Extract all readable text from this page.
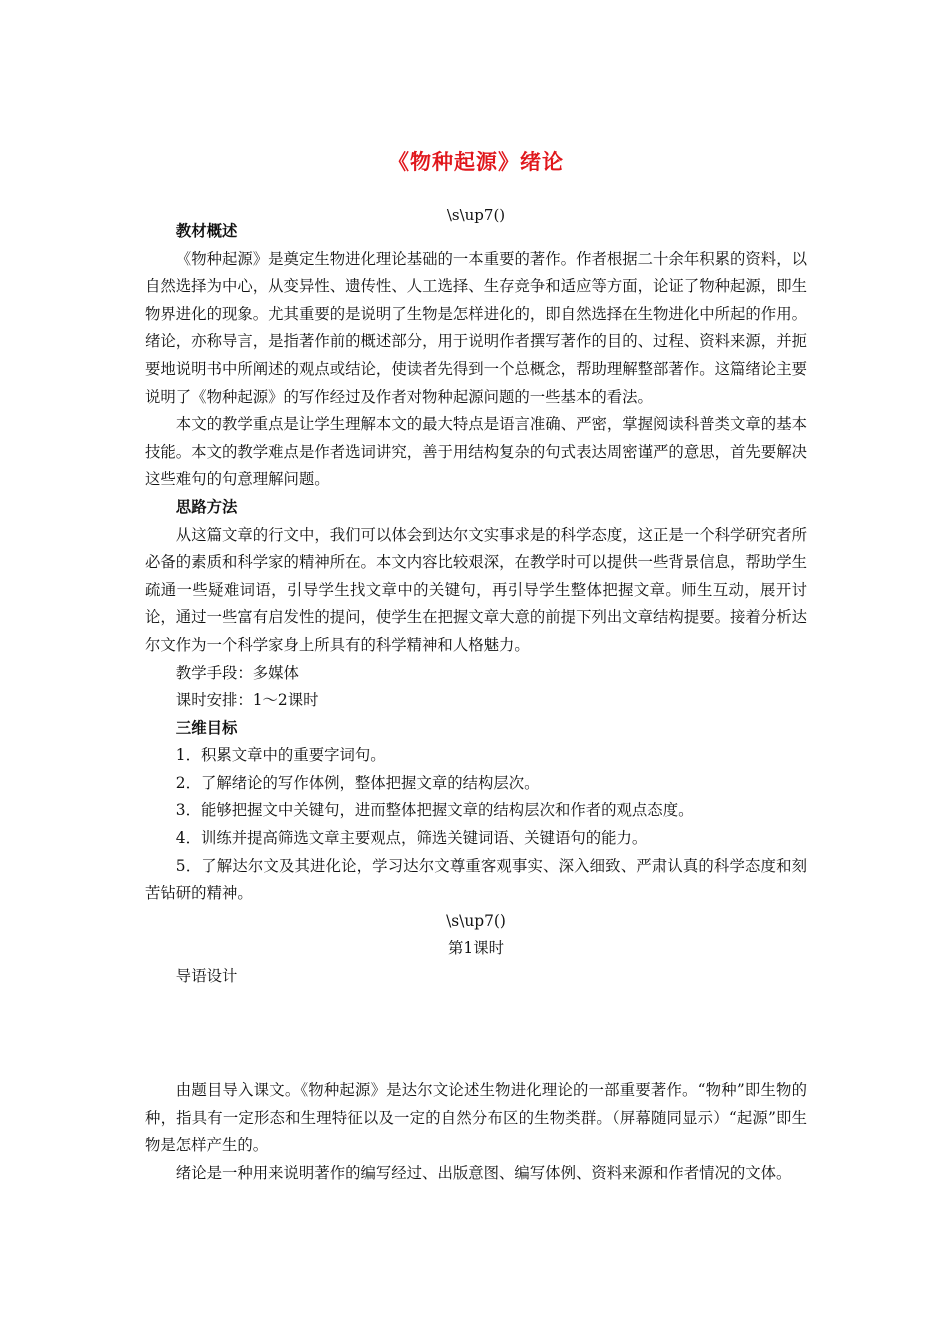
《物种起源》绪论
\s\up7()
教材概述

《物种起源》是奠定生物进化理论基础的一本重要的著作。作者根据二十余年积累的资料，以自然选择为中心，从变异性、遗传性、人工选择、生存竞争和适应等方面，论证了物种起源，即生物界进化的现象。尤其重要的是说明了生物是怎样进化的，即自然选择在生物进化中所起的作用。绪论，亦称导言，是指著作前的概述部分，用于说明作者撰写著作的目的、过程、资料来源，并扼要地说明书中所阐述的观点或结论，使读者先得到一个总概念，帮助理解整部著作。这篇绪论主要说明了《物种起源》的写作经过及作者对物种起源问题的一些基本的看法。

本文的教学重点是让学生理解本文的最大特点是语言准确、严密，掌握阅读科普类文章的基本技能。本文的教学难点是作者选词讲究，善于用结构复杂的句式表达周密谨严的意思，首先要解决这些难句的句意理解问题。

思路方法

从这篇文章的行文中，我们可以体会到达尔文实事求是的科学态度，这正是一个科学研究者所必备的素质和科学家的精神所在。本文内容比较艰深，在教学时可以提供一些背景信息，帮助学生疏通一些疑难词语，引导学生找文章中的关键句，再引导学生整体把握文章。师生互动，展开讨论，通过一些富有启发性的提问，使学生在把握文章大意的前提下列出文章结构提要。接着分析达尔文作为一个科学家身上所具有的科学精神和人格魅力。

教学手段：多媒体

课时安排：1～2课时

三维目标

1．积累文章中的重要字词句。

2．了解绪论的写作体例，整体把握文章的结构层次。

3．能够把握文中关键句，进而整体把握文章的结构层次和作者的观点态度。

4．训练并提高筛选文章主要观点，筛选关键词语、关键语句的能力。

5．了解达尔文及其进化论，学习达尔文尊重客观事实、深入细致、严肃认真的科学态度和刻苦钻研的精神。

\s\up7()

第1课时

导语设计

由题目导入课文。《物种起源》是达尔文论述生物进化理论的一部重要著作。“物种”即生物的种，指具有一定形态和生理特征以及一定的自然分布区的生物类群。（屏幕随同显示）“起源”即生物是怎样产生的。

绪论是一种用来说明著作的编写经过、出版意图、编写体例、资料来源和作者情况的文体。
